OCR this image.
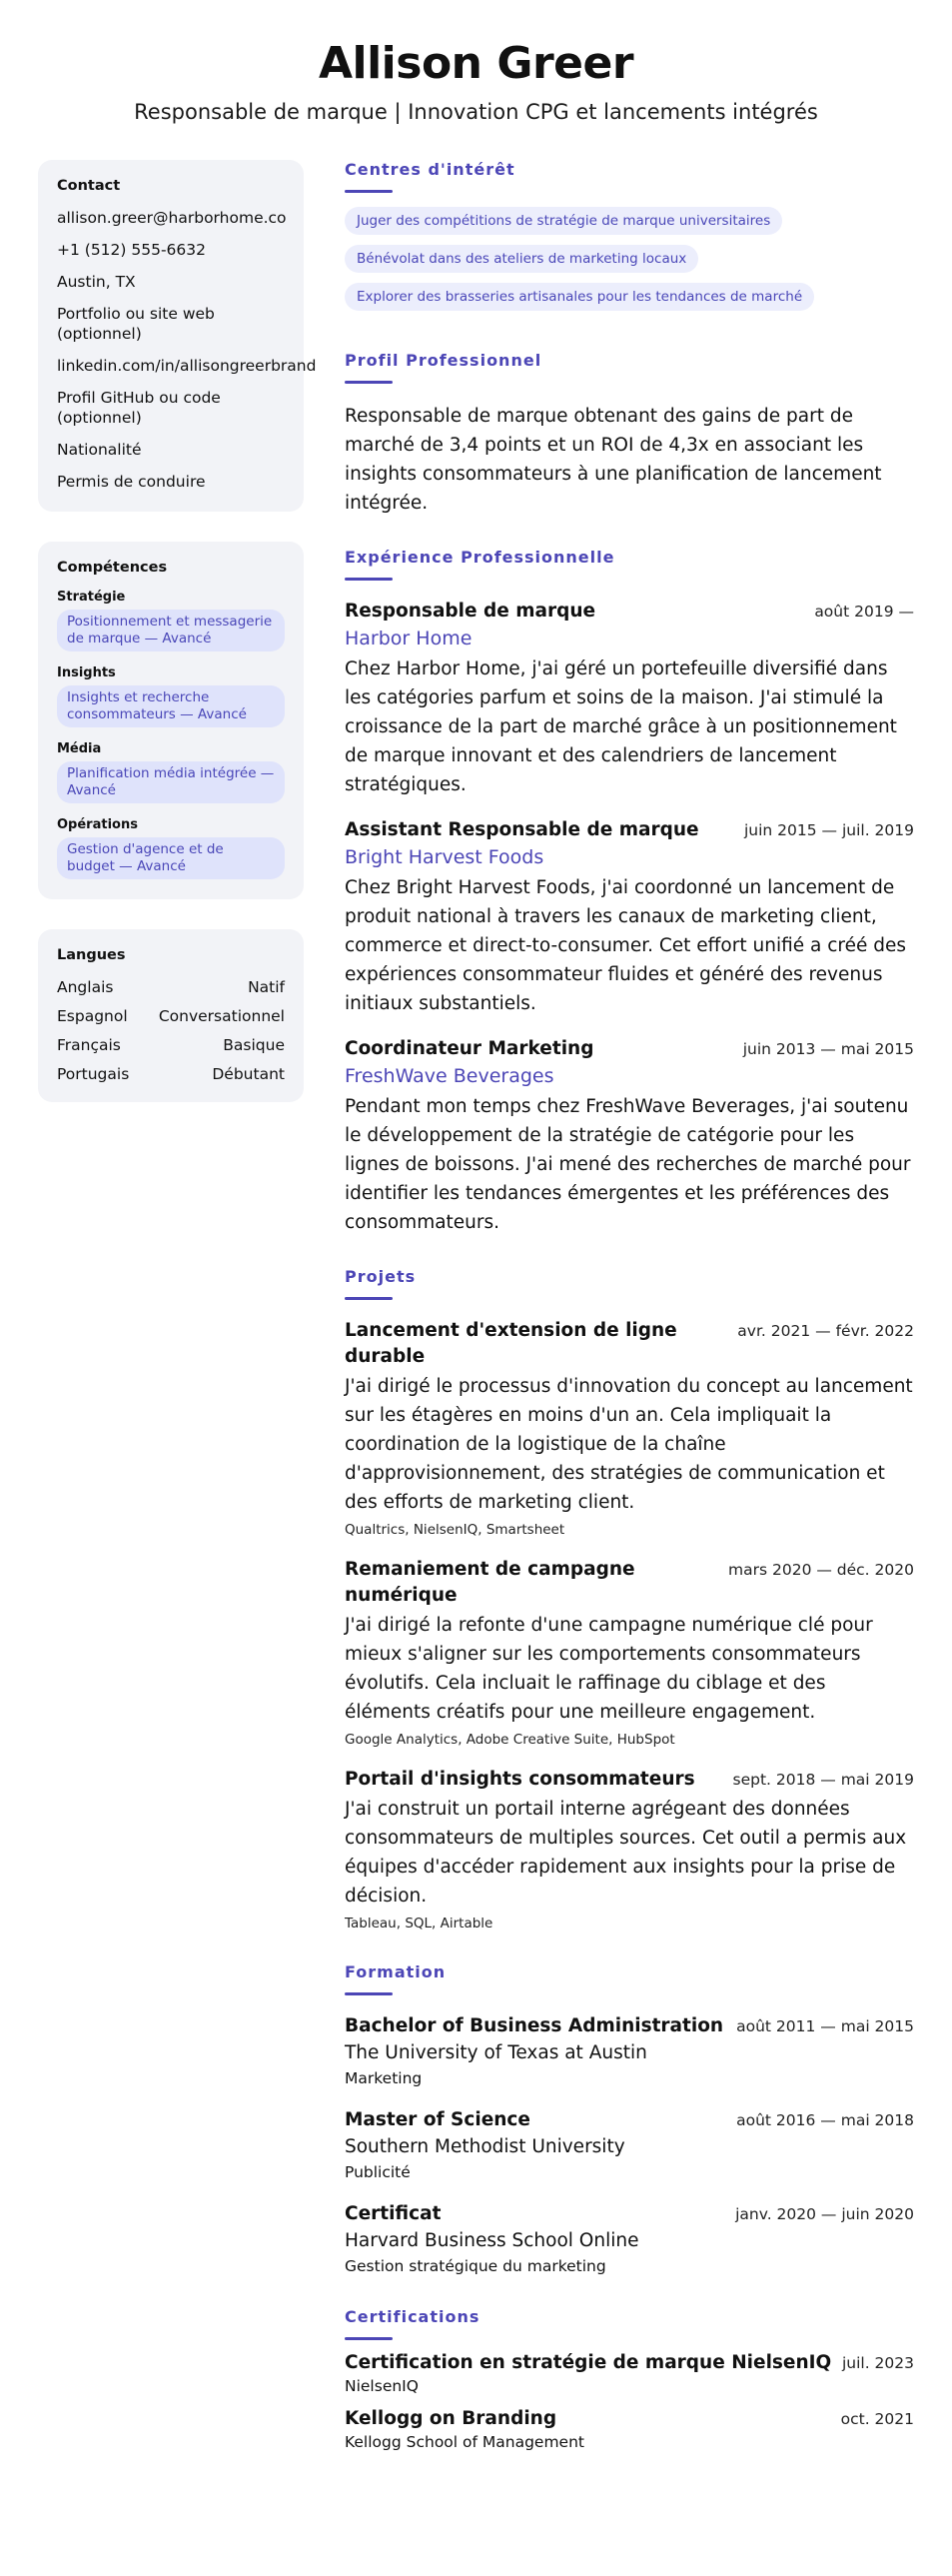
Allison Greer
Responsable de marque | Innovation CPG et lancements intégrés
Contact
allison.greer@harborhome.co
+1 (512) 555-6632
Austin, TX
Portfolio ou site web (optionnel)
linkedin.com/in/allisongreerbrand
Profil GitHub ou code (optionnel)
Nationalité
Permis de conduire
Compétences
Stratégie
Positionnement et messagerie de marque — Avancé
Insights
Insights et recherche consommateurs — Avancé
Média
Planification média intégrée — Avancé
Opérations
Gestion d'agence et de budget — Avancé
Langues
Anglais	Natif
Espagnol Conversationnel
Français	Basique
Portugais	Débutant
Centres d'intérêt
Juger des compétitions de stratégie de marque universitaires
Bénévolat dans des ateliers de marketing locaux
Explorer des brasseries artisanales pour les tendances de marché
Profil Professionnel
Responsable de marque obtenant des gains de part de marché de 3,4 points et un ROI de 4,3x en associant les insights consommateurs à une planification de lancement intégrée.
Expérience Professionnelle
Responsable de marque	août 2019 —
Harbor Home
Chez Harbor Home, j'ai géré un portefeuille diversifié dans les catégories parfum et soins de la maison. J'ai stimulé la croissance de la part de marché grâce à un positionnement de marque innovant et des calendriers de lancement stratégiques.
Assistant Responsable de marque	juin 2015 — juil. 2019
Bright Harvest Foods
Chez Bright Harvest Foods, j'ai coordonné un lancement de produit national à travers les canaux de marketing client, commerce et direct-to-consumer. Cet effort unifié a créé des expériences consommateur fluides et généré des revenus initiaux substantiels.
Coordinateur Marketing	juin 2013 — mai 2015
FreshWave Beverages
Pendant mon temps chez FreshWave Beverages, j'ai soutenu le développement de la stratégie de catégorie pour les lignes de boissons. J'ai mené des recherches de marché pour identifier les tendances émergentes et les préférences des consommateurs.
Projets
Lancement d'extension de ligne durable
avr. 2021 — févr. 2022
J'ai dirigé le processus d'innovation du concept au lancement sur les étagères en moins d'un an. Cela impliquait la coordination de la logistique de la chaîne d'approvisionnement, des stratégies de communication et des efforts de marketing client.
Qualtrics, NielsenIQ, Smartsheet
Remaniement de campagne numérique
mars 2020 — déc. 2020
J'ai dirigé la refonte d'une campagne numérique clé pour mieux s'aligner sur les comportements consommateurs évolutifs. Cela incluait le raffinage du ciblage et des éléments créatifs pour une meilleure engagement.
Google Analytics, Adobe Creative Suite, HubSpot
Portail d'insights consommateurs sept. 2018 — mai 2019
J'ai construit un portail interne agrégeant des données consommateurs de multiples sources. Cet outil a permis aux équipes d'accéder rapidement aux insights pour la prise de décision.
Tableau, SQL, Airtable
Formation
Bachelor of Business Administration août 2011 — mai 2015
The University of Texas at Austin
Marketing
Master of Science	août 2016 — mai 2018
Southern Methodist University
Publicité
Certificat	janv. 2020 — juin 2020
Harvard Business School Online
Gestion stratégique du marketing
Certifications
Certification en stratégie de marque NielsenIQ juil. 2023
NielsenIQ
Kellogg on Branding	oct. 2021
Kellogg School of Management
